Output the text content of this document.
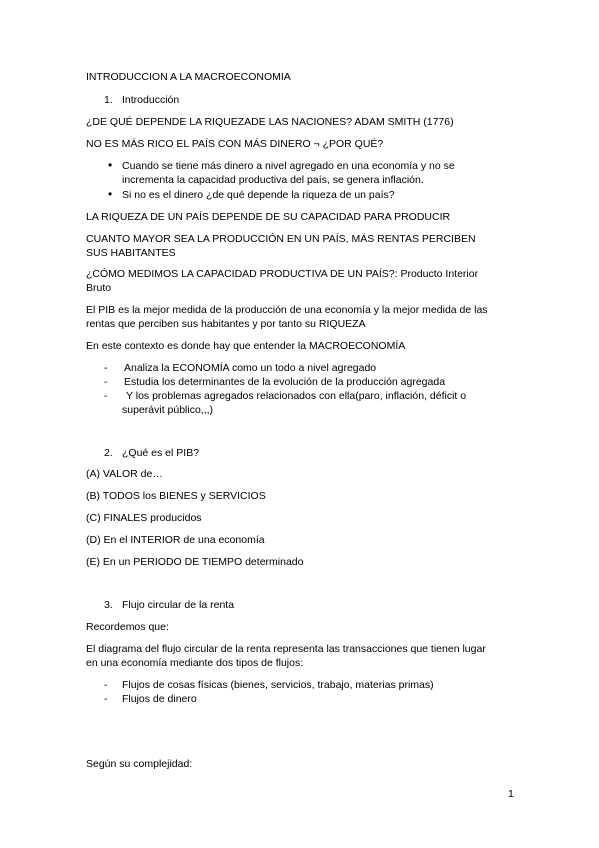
INTRODUCCION A LA MACROECONOMIA
1. Introducción
¿DE QUÉ DEPENDE LA RIQUEZADE LAS NACIONES? ADAM SMITH (1776)
NO ES MÁS RICO EL PAÍS CON MÁS DINERO ¬ ¿POR QUÉ?
• Cuando se tiene más dinero a nivel agregado en una economía y no se
incrementa la capacidad productiva del país, se genera inflación.
• Si no es el dinero ¿de qué depende la riqueza de un país?
LA RIQUEZA DE UN PAÍS DEPENDE DE SU CAPACIDAD PARA PRODUCIR
CUANTO MAYOR SEA LA PRODUCCIÓN EN UN PAÍS, MÁS RENTAS PERCIBEN
SUS HABITANTES
¿CÓMO MEDIMOS LA CAPACIDAD PRODUCTIVA DE UN PAÍS?: Producto Interior
Bruto
El PIB es la mejor medida de la producción de una economía y la mejor medida de las
rentas que perciben sus habitantes y por tanto su RIQUEZA
En este contexto es donde hay que entender la MACROECONOMÍA
- Analiza la ECONOMÍA como un todo a nivel agregado
- Estudia los determinantes de la evolución de la producción agregada
- Y los problemas agregados relacionados con ella(paro, inflación, déficit o
superávit público,,,)
2. ¿Qué es el PIB?
(A) VALOR de…
(B) TODOS los BIENES y SERVICIOS
(C) FINALES producidos
(D) En el INTERIOR de una economía
(E) En un PERIODO DE TIEMPO determinado
3. Flujo circular de la renta
Recordemos que:
El diagrama del flujo circular de la renta representa las transacciones que tienen lugar
en una economía mediante dos tipos de flujos:
- Flujos de cosas físicas (bienes, servicios, trabajo, materias primas)
- Flujos de dinero
Según su complejidad:
1
